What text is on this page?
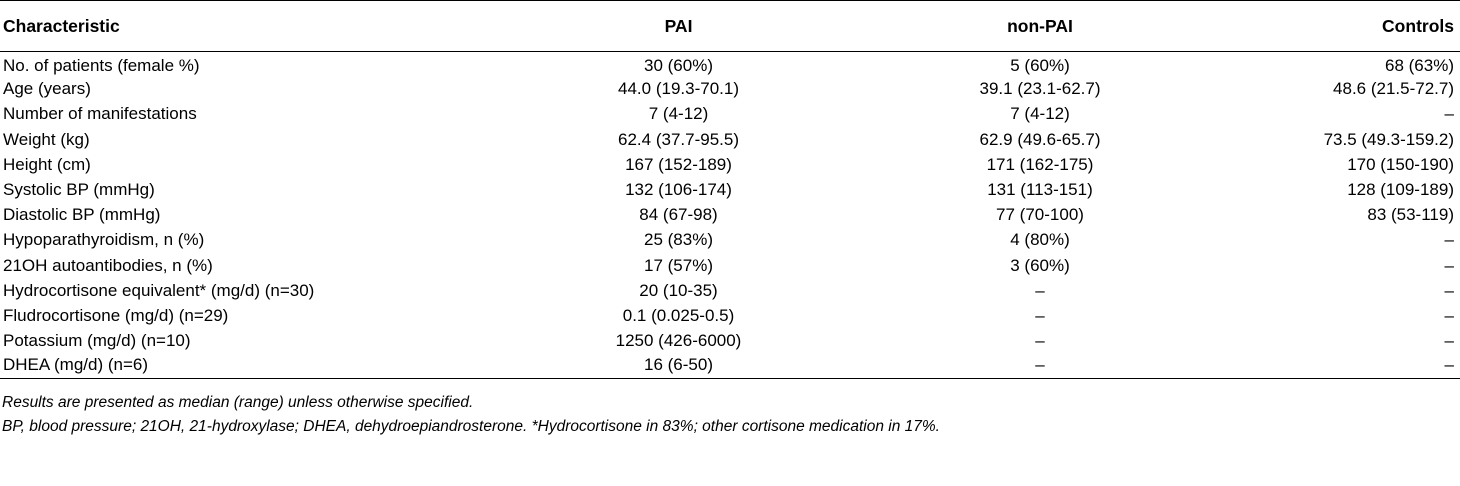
Characteristic	PAI	non-PAI	Controls
No. of patients (female %)	30 (60%)	5 (60%)	68 (63%)
Age (years)	44.0 (19.3-70.1)	39.1 (23.1-62.7)	48.6 (21.5-72.7)
Number of manifestations	7 (4-12)	7 (4-12)	–
Weight (kg)	62.4 (37.7-95.5)	62.9 (49.6-65.7)	73.5 (49.3-159.2)
Height (cm)	167 (152-189)	171 (162-175)	170 (150-190)
Systolic BP (mmHg)	132 (106-174)	131 (113-151)	128 (109-189)
Diastolic BP (mmHg)	84 (67-98)	77 (70-100)	83 (53-119)
Hypoparathyroidism, n (%)	25 (83%)	4 (80%)	–
21OH autoantibodies, n (%)	17 (57%)	3 (60%)	–
Hydrocortisone equivalent* (mg/d) (n=30)	20 (10-35)	–	–
Fludrocortisone (mg/d) (n=29)	0.1 (0.025-0.5)	–	–
Potassium (mg/d) (n=10)	1250 (426-6000)	–	–
DHEA (mg/d) (n=6)	16 (6-50)	–	–

Results are presented as median (range) unless otherwise specified.

BP, blood pressure; 21OH, 21-hydroxylase; DHEA, dehydroepiandrosterone. *Hydrocortisone in 83%; other cortisone medication in 17%.
